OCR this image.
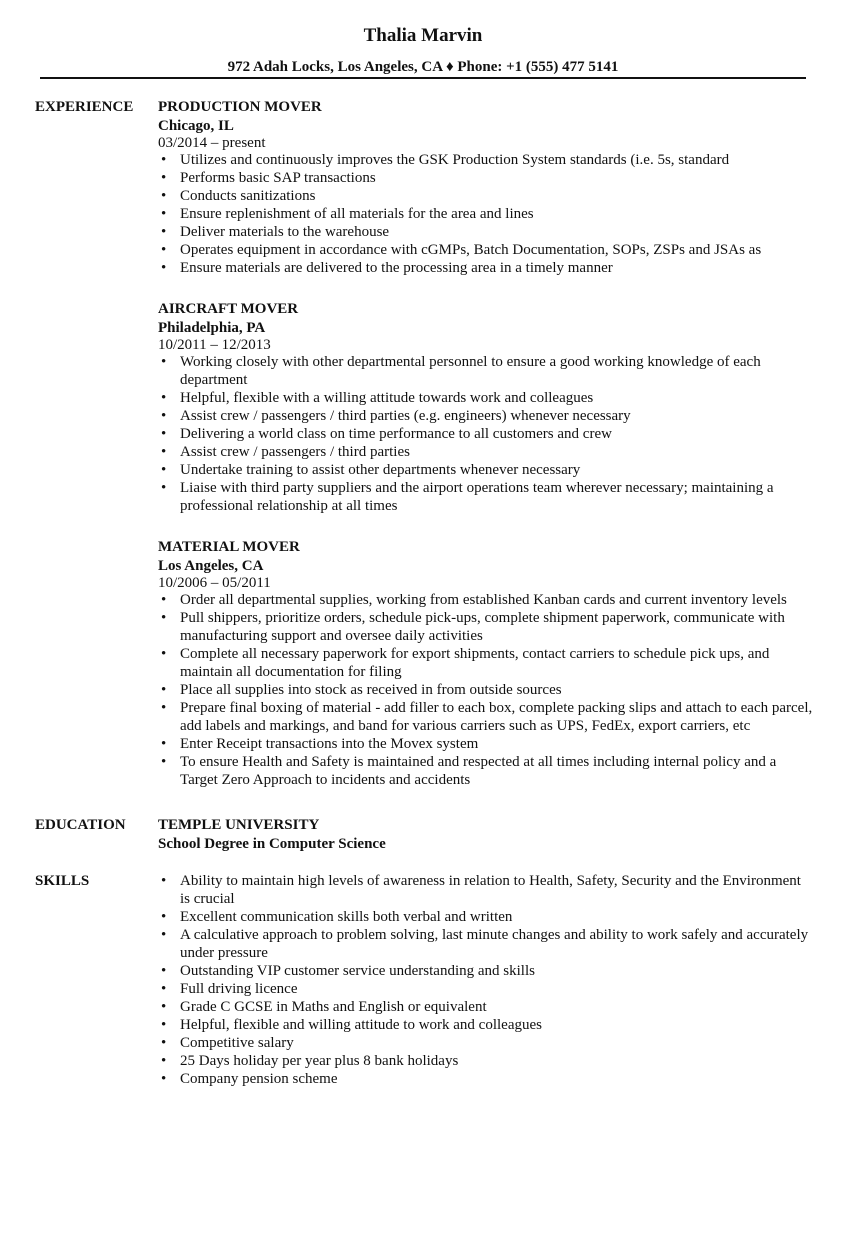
Thalia Marvin
972 Adah Locks, Los Angeles, CA ♦ Phone: +1 (555) 477 5141
EXPERIENCE PRODUCTION MOVER
Chicago, IL
03/2014 – present
• Utilizes and continuously improves the GSK Production System standards (i.e. 5s, standard
• Performs basic SAP transactions
• Conducts sanitizations
• Ensure replenishment of all materials for the area and lines
• Deliver materials to the warehouse
• Operates equipment in accordance with cGMPs, Batch Documentation, SOPs, ZSPs and JSAs as
• Ensure materials are delivered to the processing area in a timely manner
AIRCRAFT MOVER
Philadelphia, PA
10/2011 – 12/2013
• Working closely with other departmental personnel to ensure a good working knowledge of each department
• Helpful, flexible with a willing attitude towards work and colleagues
• Assist crew / passengers / third parties (e.g. engineers) whenever necessary
• Delivering a world class on time performance to all customers and crew
• Assist crew / passengers / third parties
• Undertake training to assist other departments whenever necessary
• Liaise with third party suppliers and the airport operations team wherever necessary; maintaining a professional relationship at all times
MATERIAL MOVER
Los Angeles, CA
10/2006 – 05/2011
• Order all departmental supplies, working from established Kanban cards and current inventory levels
• Pull shippers, prioritize orders, schedule pick-ups, complete shipment paperwork, communicate with manufacturing support and oversee daily activities
• Complete all necessary paperwork for export shipments, contact carriers to schedule pick ups, and maintain all documentation for filing
• Place all supplies into stock as received in from outside sources
• Prepare final boxing of material - add filler to each box, complete packing slips and attach to each parcel, add labels and markings, and band for various carriers such as UPS, FedEx, export carriers, etc
• Enter Receipt transactions into the Movex system
• To ensure Health and Safety is maintained and respected at all times including internal policy and a Target Zero Approach to incidents and accidents
EDUCATION TEMPLE UNIVERSITY
School Degree in Computer Science
SKILLS	• Ability to maintain high levels of awareness in relation to Health, Safety, Security and the Environment is crucial
• Excellent communication skills both verbal and written
• A calculative approach to problem solving, last minute changes and ability to work safely and accurately under pressure
• Outstanding VIP customer service understanding and skills
• Full driving licence
• Grade C GCSE in Maths and English or equivalent
• Helpful, flexible and willing attitude to work and colleagues
• Competitive salary
• 25 Days holiday per year plus 8 bank holidays
• Company pension scheme
